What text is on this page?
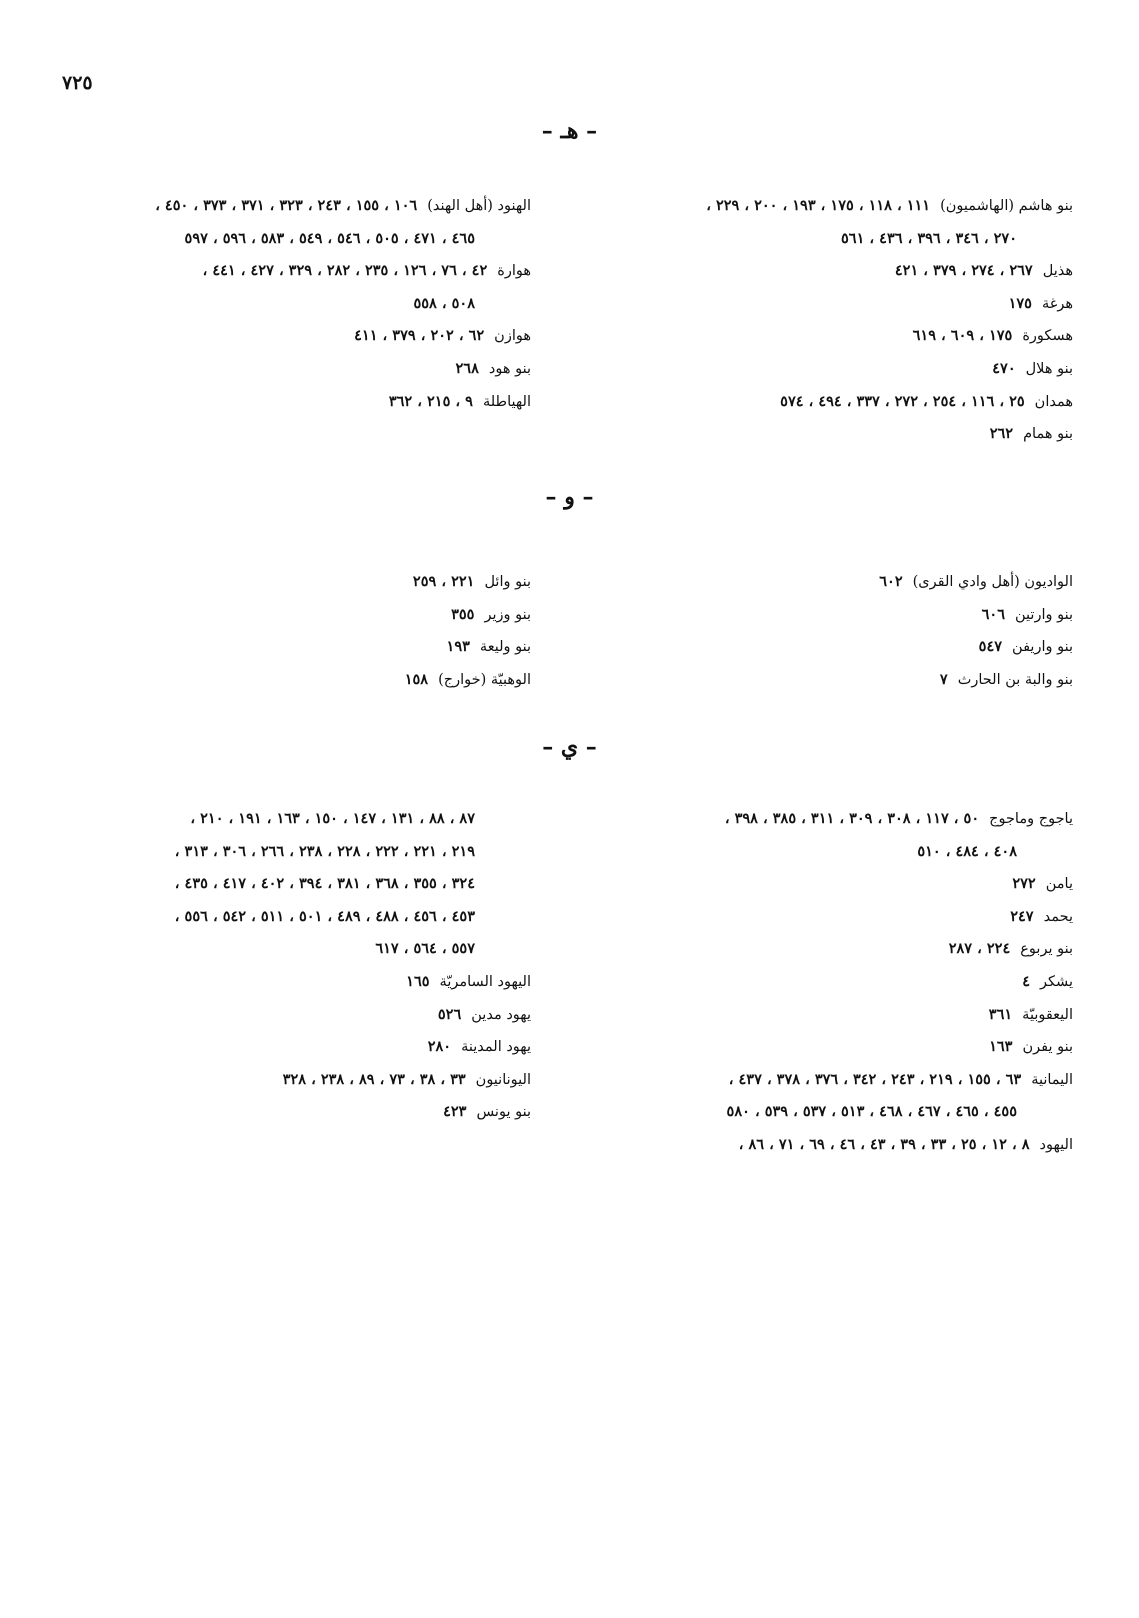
٧٢٥
– هـ –
بنو هاشم (الهاشميون)١١١ ، ١١٨ ، ١٧٥ ، ١٩٣ ، ٢٠٠ ، ٢٢٩ ،
٢٧٠ ، ٣٤٦ ، ٣٩٦ ، ٤٣٦ ، ٥٦١
هذيل٢٦٧ ، ٢٧٤ ، ٣٧٩ ، ٤٢١
هرغة١٧٥
هسكورة١٧٥ ، ٦٠٩ ، ٦١٩
بنو هلال٤٧٠
همدان٢٥ ، ١١٦ ، ٢٥٤ ، ٢٧٢ ، ٣٣٧ ، ٤٩٤ ، ٥٧٤
بنو همام٢٦٢
الهنود (أهل الهند)١٠٦ ، ١٥٥ ، ٢٤٣ ، ٣٢٣ ، ٣٧١ ، ٣٧٣ ، ٤٥٠ ،
٤٦٥ ، ٤٧١ ، ٥٠٥ ، ٥٤٦ ، ٥٤٩ ، ٥٨٣ ، ٥٩٦ ، ٥٩٧
هوارة٤٢ ، ٧٦ ، ١٢٦ ، ٢٣٥ ، ٢٨٢ ، ٣٢٩ ، ٤٢٧ ، ٤٤١ ،
٥٠٨ ، ٥٥٨
هوازن٦٢ ، ٢٠٢ ، ٣٧٩ ، ٤١١
بنو هود٢٦٨
الهياطلة٩ ، ٢١٥ ، ٣٦٢
– و –
الواديون (أهل وادي القرى)٦٠٢
بنو وارتين٦٠٦
بنو واريفن٥٤٧
بنو والبة بن الحارث٧
بنو وائل٢٢١ ، ٢٥٩
بنو وزير٣٥٥
بنو وليعة١٩٣
الوهبيّة (خوارج)١٥٨
– ي –
ياجوج وماجوج٥٠ ، ١١٧ ، ٣٠٨ ، ٣٠٩ ، ٣١١ ، ٣٨٥ ، ٣٩٨ ،
٤٠٨ ، ٤٨٤ ، ٥١٠
يامن٢٧٢
يحمد٢٤٧
بنو يربوع٢٢٤ ، ٢٨٧
يشكر٤
اليعقوبيّة٣٦١
بنو يفرن١٦٣
اليمانية٦٣ ، ١٥٥ ، ٢١٩ ، ٢٤٣ ، ٣٤٢ ، ٣٧٦ ، ٣٧٨ ، ٤٣٧ ،
٤٥٥ ، ٤٦٥ ، ٤٦٧ ، ٤٦٨ ، ٥١٣ ، ٥٣٧ ، ٥٣٩ ، ٥٨٠
اليهود٨ ، ١٢ ، ٢٥ ، ٣٣ ، ٣٩ ، ٤٣ ، ٤٦ ، ٦٩ ، ٧١ ، ٨٦ ،
٨٧ ، ٨٨ ، ١٣١ ، ١٤٧ ، ١٥٠ ، ١٦٣ ، ١٩١ ، ٢١٠ ،
٢١٩ ، ٢٢١ ، ٢٢٢ ، ٢٢٨ ، ٢٣٨ ، ٢٦٦ ، ٣٠٦ ، ٣١٣ ،
٣٢٤ ، ٣٥٥ ، ٣٦٨ ، ٣٨١ ، ٣٩٤ ، ٤٠٢ ، ٤١٧ ، ٤٣٥ ،
٤٥٣ ، ٤٥٦ ، ٤٨٨ ، ٤٨٩ ، ٥٠١ ، ٥١١ ، ٥٤٢ ، ٥٥٦ ،
٥٥٧ ، ٥٦٤ ، ٦١٧
اليهود السامريّة١٦٥
يهود مدين٥٢٦
يهود المدينة٢٨٠
اليونانيون٣٣ ، ٣٨ ، ٧٣ ، ٨٩ ، ٢٣٨ ، ٣٢٨
بنو يونس٤٢٣
